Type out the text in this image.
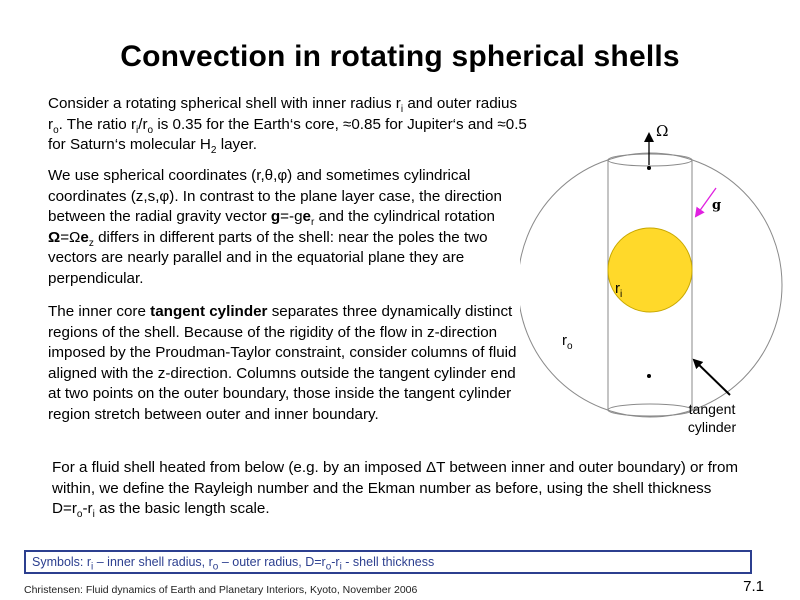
Convection in rotating spherical shells
Consider a rotating spherical shell with inner radius $r_i$ and outer radius $r_o$. The ratio $r_i/r_o$ is 0.35 for the Earth‘s core, ≈0.85 for Jupiter‘s and ≈0.5 for Saturn‘s molecular $H_2$ layer.
We use spherical coordinates (r,θ,φ) and sometimes cylindrical coordinates (z,s,φ). In contrast to the plane layer case, the direction between the radial gravity vector $g=-ge_r$ and the cylindrical rotation $\Omega=\Omega e_z$ differs in different parts of the shell: near the poles the two vectors are nearly parallel and in the equatorial plane they are perpendicular.
The inner core tangent cylinder separates three dynamically distinct regions of the shell. Because of the rigidity of the flow in z-direction imposed by the Proudman-Taylor constraint, consider columns of fluid aligned with the z-direction. Columns outside the tangent cylinder end at two points on the outer boundary, those inside the tangent cylinder region stretch between outer and inner boundary.
For a fluid shell heated from below (e.g. by an imposed ΔT between inner and outer boundary) or from within, we define the Rayleigh number and the Ekman number as before, using the shell thickness $D=r_o-r_i$ as the basic length scale.
Ω
g
$r_i$
$r_o$
tangent
cylinder
Symbols: $r_i$ – inner shell radius, $r_o$ – outer radius, $D=r_o-r_i$ - shell thickness
Christensen: Fluid dynamics of Earth and Planetary Interiors, Kyoto, November 2006	7.1
